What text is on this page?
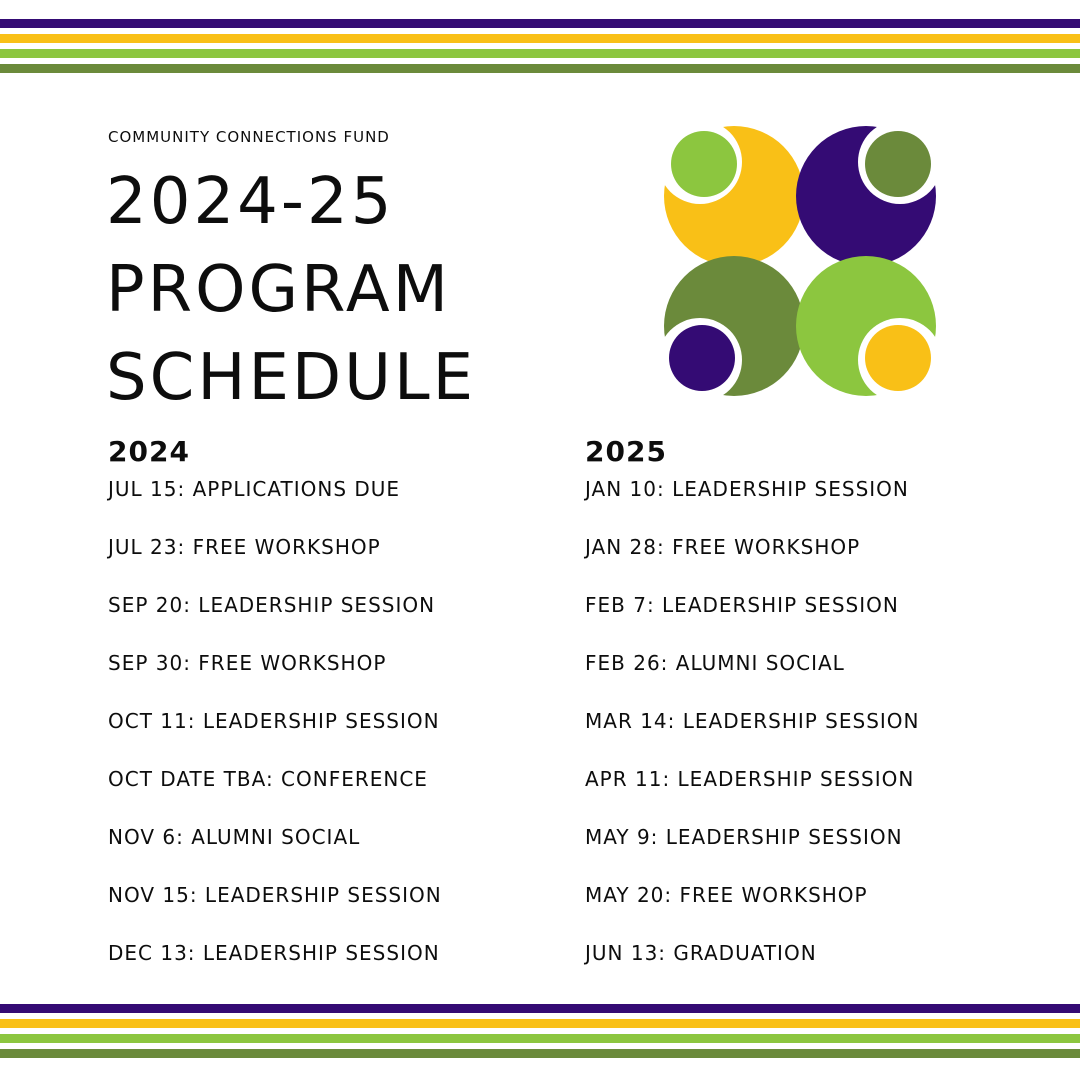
COMMUNITY CONNECTIONS FUND
2024-25
PROGRAM
SCHEDULE
2024
JUL 15: APPLICATIONS DUE
JUL 23: FREE WORKSHOP
SEP 20: LEADERSHIP SESSION
SEP 30: FREE WORKSHOP
OCT 11: LEADERSHIP SESSION
OCT DATE TBA: CONFERENCE
NOV 6: ALUMNI SOCIAL
NOV 15: LEADERSHIP SESSION
DEC 13: LEADERSHIP SESSION
2025
JAN 10: LEADERSHIP SESSION
JAN 28: FREE WORKSHOP
FEB 7: LEADERSHIP SESSION
FEB 26: ALUMNI SOCIAL
MAR 14: LEADERSHIP SESSION
APR 11: LEADERSHIP SESSION
MAY 9: LEADERSHIP SESSION
MAY 20: FREE WORKSHOP
JUN 13: GRADUATION
